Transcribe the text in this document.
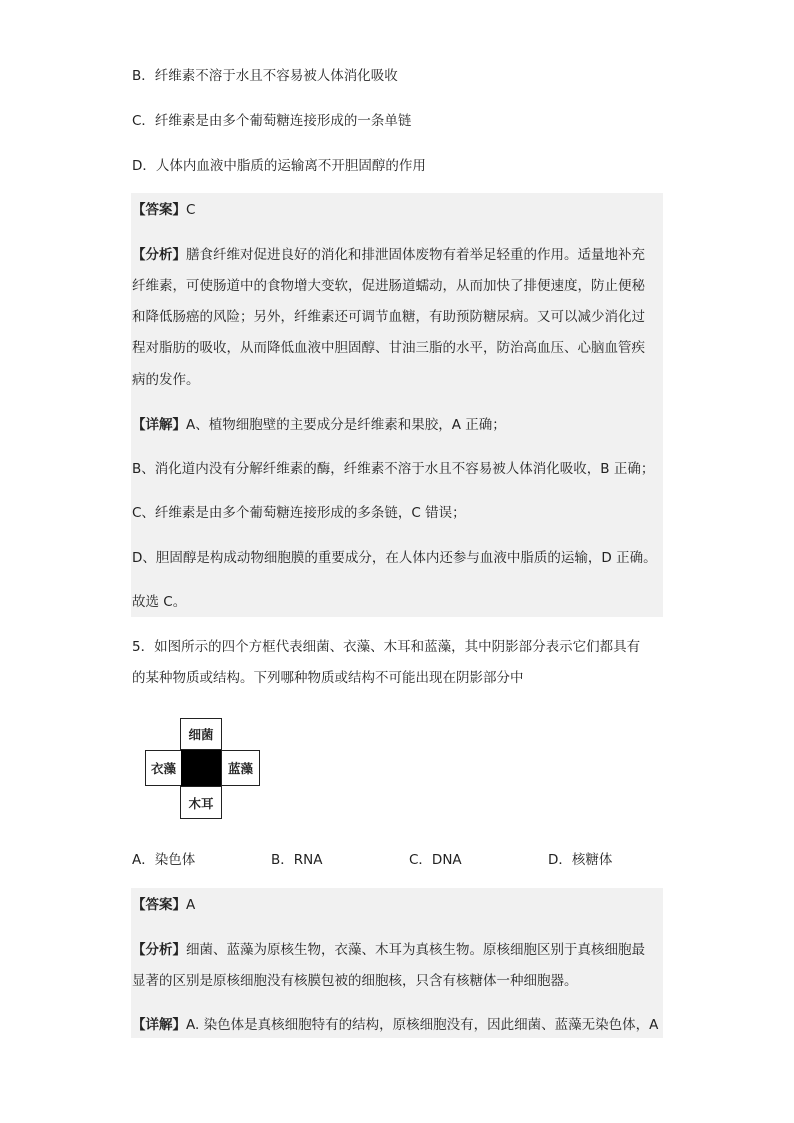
B．纤维素不溶于水且不容易被人体消化吸收
C．纤维素是由多个葡萄糖连接形成的一条单链
D．人体内血液中脂质的运输离不开胆固醇的作用
【答案】C
【分析】膳食纤维对促进良好的消化和排泄固体废物有着举足轻重的作用。适量地补充
纤维素，可使肠道中的食物增大变软，促进肠道蠕动，从而加快了排便速度，防止便秘
和降低肠癌的风险；另外，纤维素还可调节血糖，有助预防糖尿病。又可以减少消化过
程对脂肪的吸收，从而降低血液中胆固醇、甘油三脂的水平，防治高血压、心脑血管疾
病的发作。
【详解】A、植物细胞壁的主要成分是纤维素和果胶，A 正确；
B、消化道内没有分解纤维素的酶，纤维素不溶于水且不容易被人体消化吸收，B 正确；
C、纤维素是由多个葡萄糖连接形成的多条链，C 错误；
D、胆固醇是构成动物细胞膜的重要成分，在人体内还参与血液中脂质的运输，D 正确。
故选 C。
5．如图所示的四个方框代表细菌、衣藻、木耳和蓝藻，其中阴影部分表示它们都具有
的某种物质或结构。下列哪种物质或结构不可能出现在阴影部分中
细菌
衣藻	蓝藻
木耳
A．染色体	B．RNA	C．DNA	D．核糖体
【答案】A
【分析】细菌、蓝藻为原核生物，衣藻、木耳为真核生物。原核细胞区别于真核细胞最
显著的区别是原核细胞没有核膜包被的细胞核，只含有核糖体一种细胞器。
【详解】A. 染色体是真核细胞特有的结构，原核细胞没有，因此细菌、蓝藻无染色体，A
